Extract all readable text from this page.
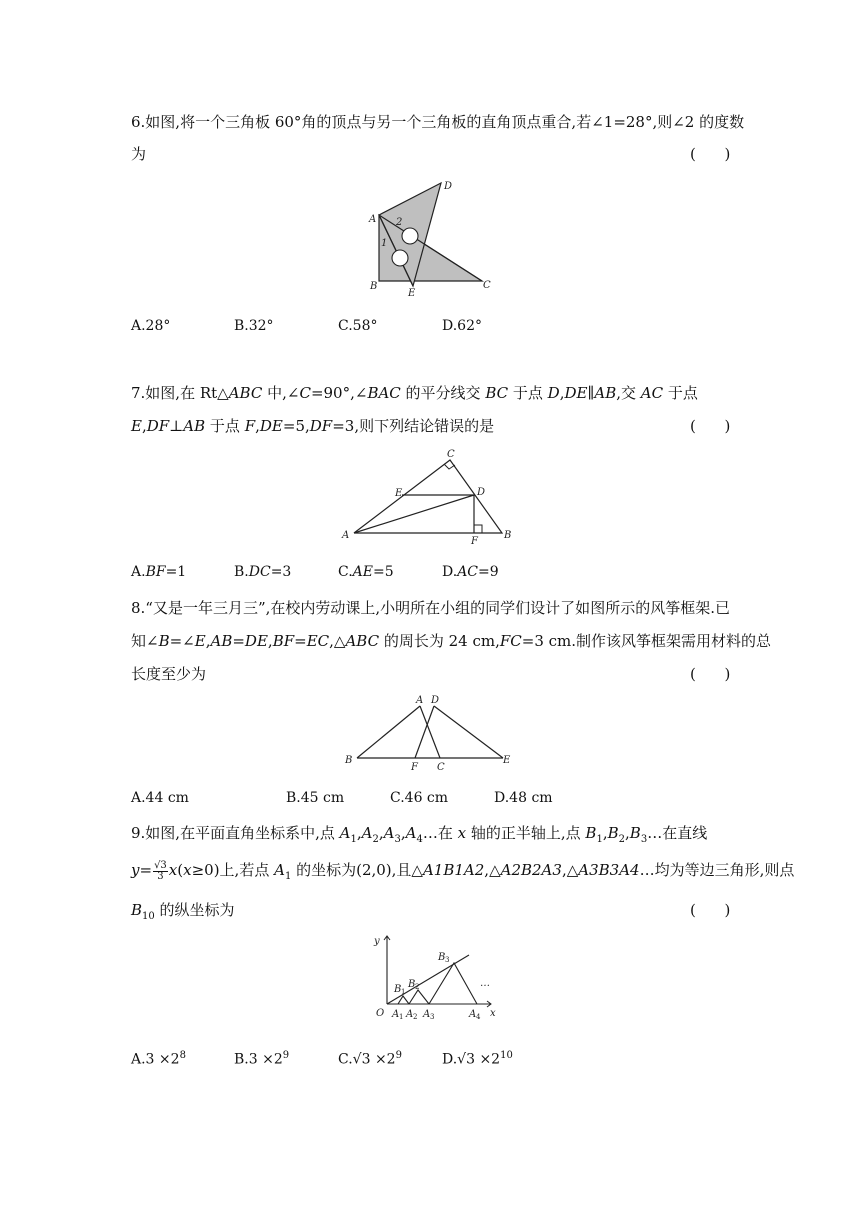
6.如图,将一个三角板 60°角的顶点与另一个三角板的直角顶点重合,若∠1=28°,则∠2 的度数
为	(      )
A
B	C
D
E
1
2
A.28°	B.32°	C.58°	D.62°
7.如图,在 Rt△ABC 中,∠C=90°,∠BAC 的平分线交 BC 于点 D,DE∥AB,交 AC 于点
E,DF⊥AB 于点 F,DE=5,DF=3,则下列结论错误的是	(      )
A	B
C
D
E
F
A.BF=1	B.DC=3	C.AE=5	D.AC=9
8.“又是一年三月三”,在校内劳动课上,小明所在小组的同学们设计了如图所示的风筝框架.已
知∠B=∠E,AB=DE,BF=EC,△ABC 的周长为 24 cm,FC=3 cm.制作该风筝框架需用材料的总
长度至少为	(      )
A
B
C
D
E
F
A.44 cm	B.45 cm	C.46 cm	D.48 cm
9.如图,在平面直角坐标系中,点 $A_1,A_2,A_3,A_4\dots$在 x 轴的正半轴上,点 $B_1,B_2,B_3\dots$在直线
$y= \frac{√3}{3} x(x\ge 0)$上,若点 $A_1$ 的坐标为(2,0),且△A1B1A2,△A2B2A3,△A3B3A4…均为等边三角形,则点
$B_{10}$ 的纵坐标为	(      )
y
x
O A 1 A 2 A 3	A 4
B 1
B 2
B 3
…
$A.3 \times 2^8$	$B.3 \times 2^9$	$C.√3 \times 2^9$	$D.√3 \times 2^{10}$
